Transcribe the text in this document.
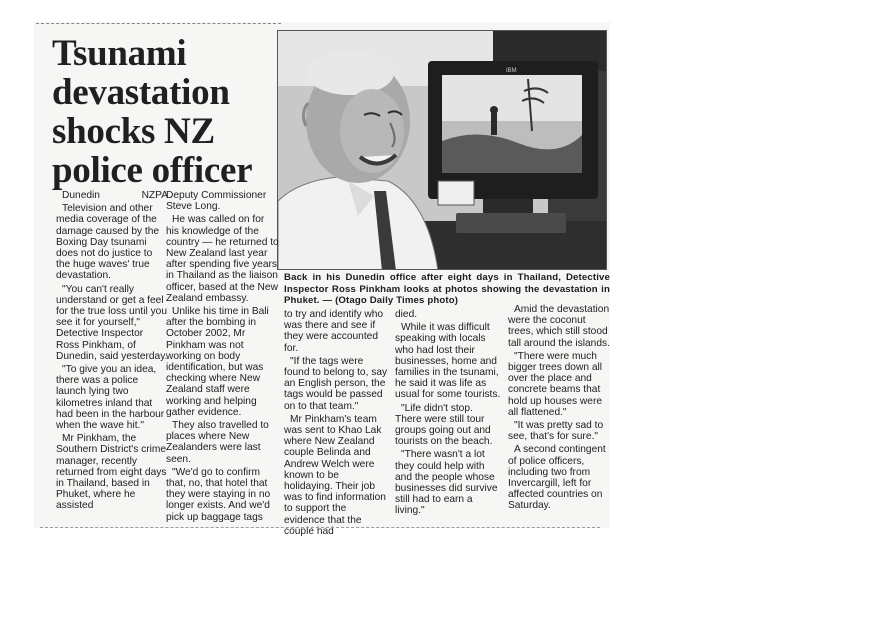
Tsunami devastation shocks NZ police officer
IBM

Back in his Dunedin office after eight days in Thailand, Detective Inspector Ross Pinkham looks at photos showing the devastation in Phuket. — (Otago Daily Times photo)

Dunedin	NZPA

Television and other media coverage of the damage caused by the Boxing Day tsunami does not do justice to the huge waves' true devastation.

"You can't really understand or get a feel for the true loss until you see it for yourself," Detective Inspector Ross Pinkham, of Dunedin, said yesterday.

"To give you an idea, there was a police launch lying two kilometres inland that had been in the harbour when the wave hit."

Mr Pinkham, the Southern District's crime manager, recently returned from eight days in Thailand, based in Phuket, where he assisted

Deputy Commissioner Steve Long.

He was called on for his knowledge of the country — he returned to New Zealand last year after spending five years in Thailand as the liaison officer, based at the New Zealand embassy.

Unlike his time in Bali after the bombing in October 2002, Mr Pinkham was not working on body identification, but was checking where New Zealand staff were working and helping gather evidence.

They also travelled to places where New Zealanders were last seen.

"We'd go to confirm that, no, that hotel that they were staying in no longer exists. And we'd pick up baggage tags

to try and identify who was there and see if they were accounted for.

"If the tags were found to belong to, say an English person, the tags would be passed on to that team."

Mr Pinkham's team was sent to Khao Lak where New Zealand couple Belinda and Andrew Welch were known to be holidaying. Their job was to find information to support the evidence that the couple had

died.

While it was difficult speaking with locals who had lost their businesses, home and families in the tsunami, he said it was life as usual for some tourists.

"Life didn't stop. There were still tour groups going out and tourists on the beach.

"There wasn't a lot they could help with and the people whose businesses did survive still had to earn a living."

Amid the devastation were the coconut trees, which still stood tall around the islands.

"There were much bigger trees down all over the place and concrete beams that hold up houses were all flattened."

"It was pretty sad to see, that's for sure."

A second contingent of police officers, including two from Invercargill, left for affected countries on Saturday.
